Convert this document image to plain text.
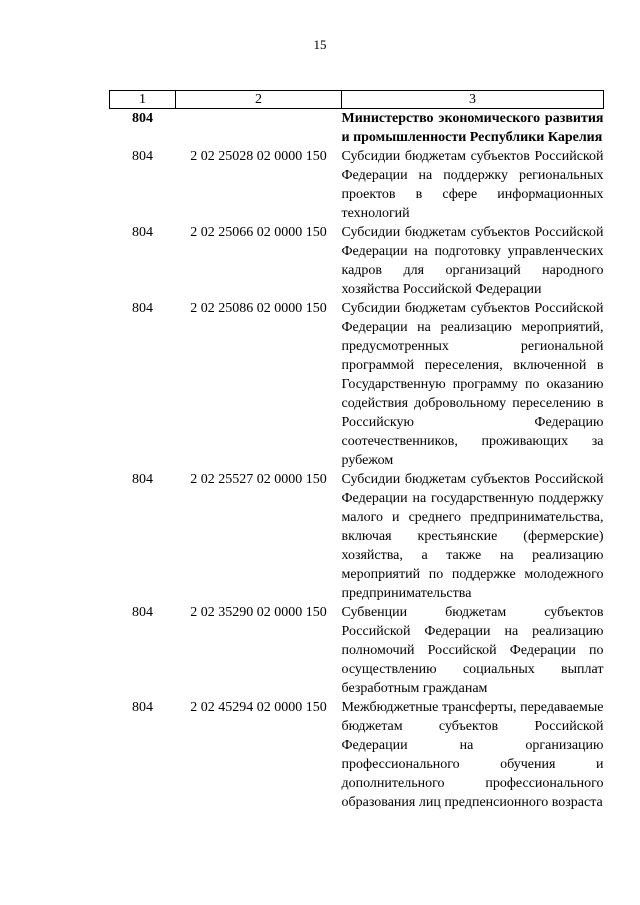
15
1	2	3
804		Министерство экономического развития и промышленности Республики Карелия
804	2 02 25028 02 0000 150	Субсидии бюджетам субъектов Российской Федерации на поддержку региональных проектов в сфере информационных технологий
804	2 02 25066 02 0000 150	Субсидии бюджетам субъектов Российской Федерации на подготовку управленческих кадров для организаций народного хозяйства Российской Федерации
804	2 02 25086 02 0000 150	Субсидии бюджетам субъектов Российской Федерации на реализацию мероприятий, предусмотренных региональной программой переселения, включенной в Государственную программу по оказанию содействия добровольному переселению в Российскую Федерацию соотечественников, проживающих за рубежом
804	2 02 25527 02 0000 150	Субсидии бюджетам субъектов Российской Федерации на государственную поддержку малого и среднего предпринимательства, включая крестьянские (фермерские) хозяйства, а также на реализацию мероприятий по поддержке молодежного предпринимательства
804	2 02 35290 02 0000 150	Субвенции бюджетам субъектов Российской Федерации на реализацию полномочий Российской Федерации по осуществлению социальных выплат безработным гражданам
804	2 02 45294 02 0000 150	Межбюджетные трансферты, передаваемые бюджетам субъектов Российской Федерации на организацию профессионального обучения и дополнительного профессионального образования лиц предпенсионного возраста
